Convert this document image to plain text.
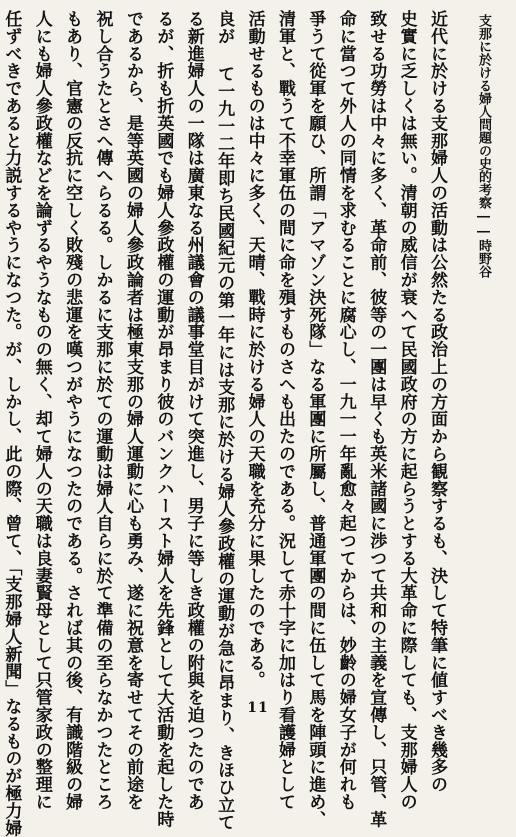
支那に於ける婦人問題の史的考察――時野谷

近代に於ける支那婦人の活動は公然たる政治上の方面から観察するも、決して特筆に値すべき幾多の

史實に乏しくは無い。清朝の威信が衰へて民國政府の方に起らうとする大革命に際しても、支那婦人の

致せる功勞は中々に多く、革命前、彼等の一團は早くも英米諸國に渉つて共和の主義を宣傳し、只管、革

命に當つて外人の同情を求むることに腐心し、一九一一年亂愈々起つてからは、妙齡の婦女子が何れも

爭うて從軍を願ひ、所謂「アマゾン決死隊」なる軍團に所屬し、普通軍團の間に伍して馬を陣頭に進め、

清軍と、戰うて不幸軍伍の間に命を殞すものさへも出たのである。況して赤十字に加はり看護婦として

活動せるものは中々に多く、天晴、戰時に於ける婦人の天職を充分に果したのである。

良が て一九一二年即ち民國紀元の第一年には支那に於ける婦人參政權の運動が急に昂まり、きほひ立て

る新進婦人の一隊は廣東なる州議會の議事堂目がけて突進し、男子に等しき政權の附與を迫つたのであ

るが、折も折英國でも婦人參政權の運動が昂まり彼のバンクハースト婦人を先鋒として大活動を起した時

であるから、是等英國の婦人參政論者は極東支那の婦人運動に心も勇み、遂に祝意を寄せてその前途を

祝し合うたとさへ傳へらるる。しかるに支那に於ての運動は婦人自らに於て準備の至らなかつたところ

もあり、官憲の反抗に空しく敗殘の悲運を嘆つがやうになつたのである。されば其の後、有識階級の婦

人にも婦人參政權などを論ずるやうなものの無く、却て婦人の天職は良妻賢母として只管家政の整理に

任ずべきであると力説するやうになつた。が、しかし、此の際、曾て、「支那婦人新聞」なるものが極力婦	11
